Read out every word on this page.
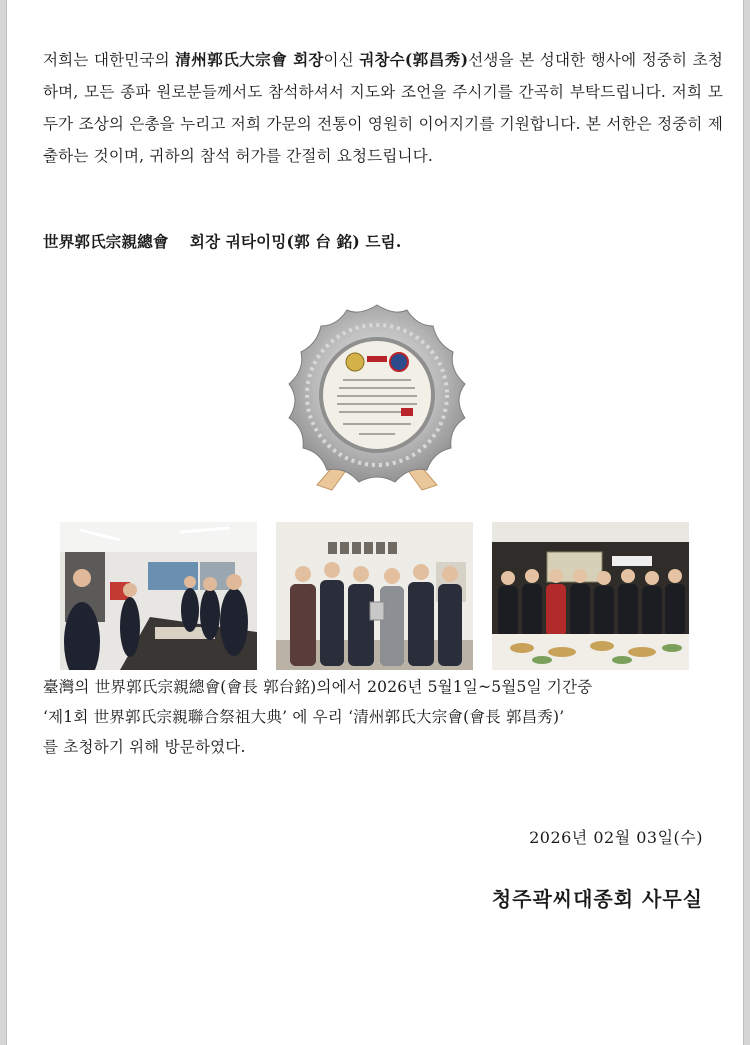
저희는 대한민국의 清州郭氏大宗會 회장이신 궈창수(郭昌秀)선생을 본 성대한 행사에 정중히 초청하며, 모든 종파 원로분들께서도 참석하셔서 지도와 조언을 주시기를 간곡히 부탁드립니다. 저희 모두가 조상의 은총을 누리고 저희 가문의 전통이 영원히 이어지기를 기원합니다. 본 서한은 정중히 제출하는 것이며, 귀하의 참석 허가를 간절히 요청드립니다.
世界郭氏宗親總會　 회장 궈타이밍(郭 台 銘) 드림.
臺灣의 世界郭氏宗親總會(會長 郭台銘)의에서 2026년 5월1일~5월5일 기간중
‘제1회 世界郭氏宗親聯合祭祖大典’ 에 우리 ‘清州郭氏大宗會(會長 郭昌秀)’
를 초청하기 위해 방문하였다.
2026년 02월 03일(수)
청주곽씨대종회 사무실
